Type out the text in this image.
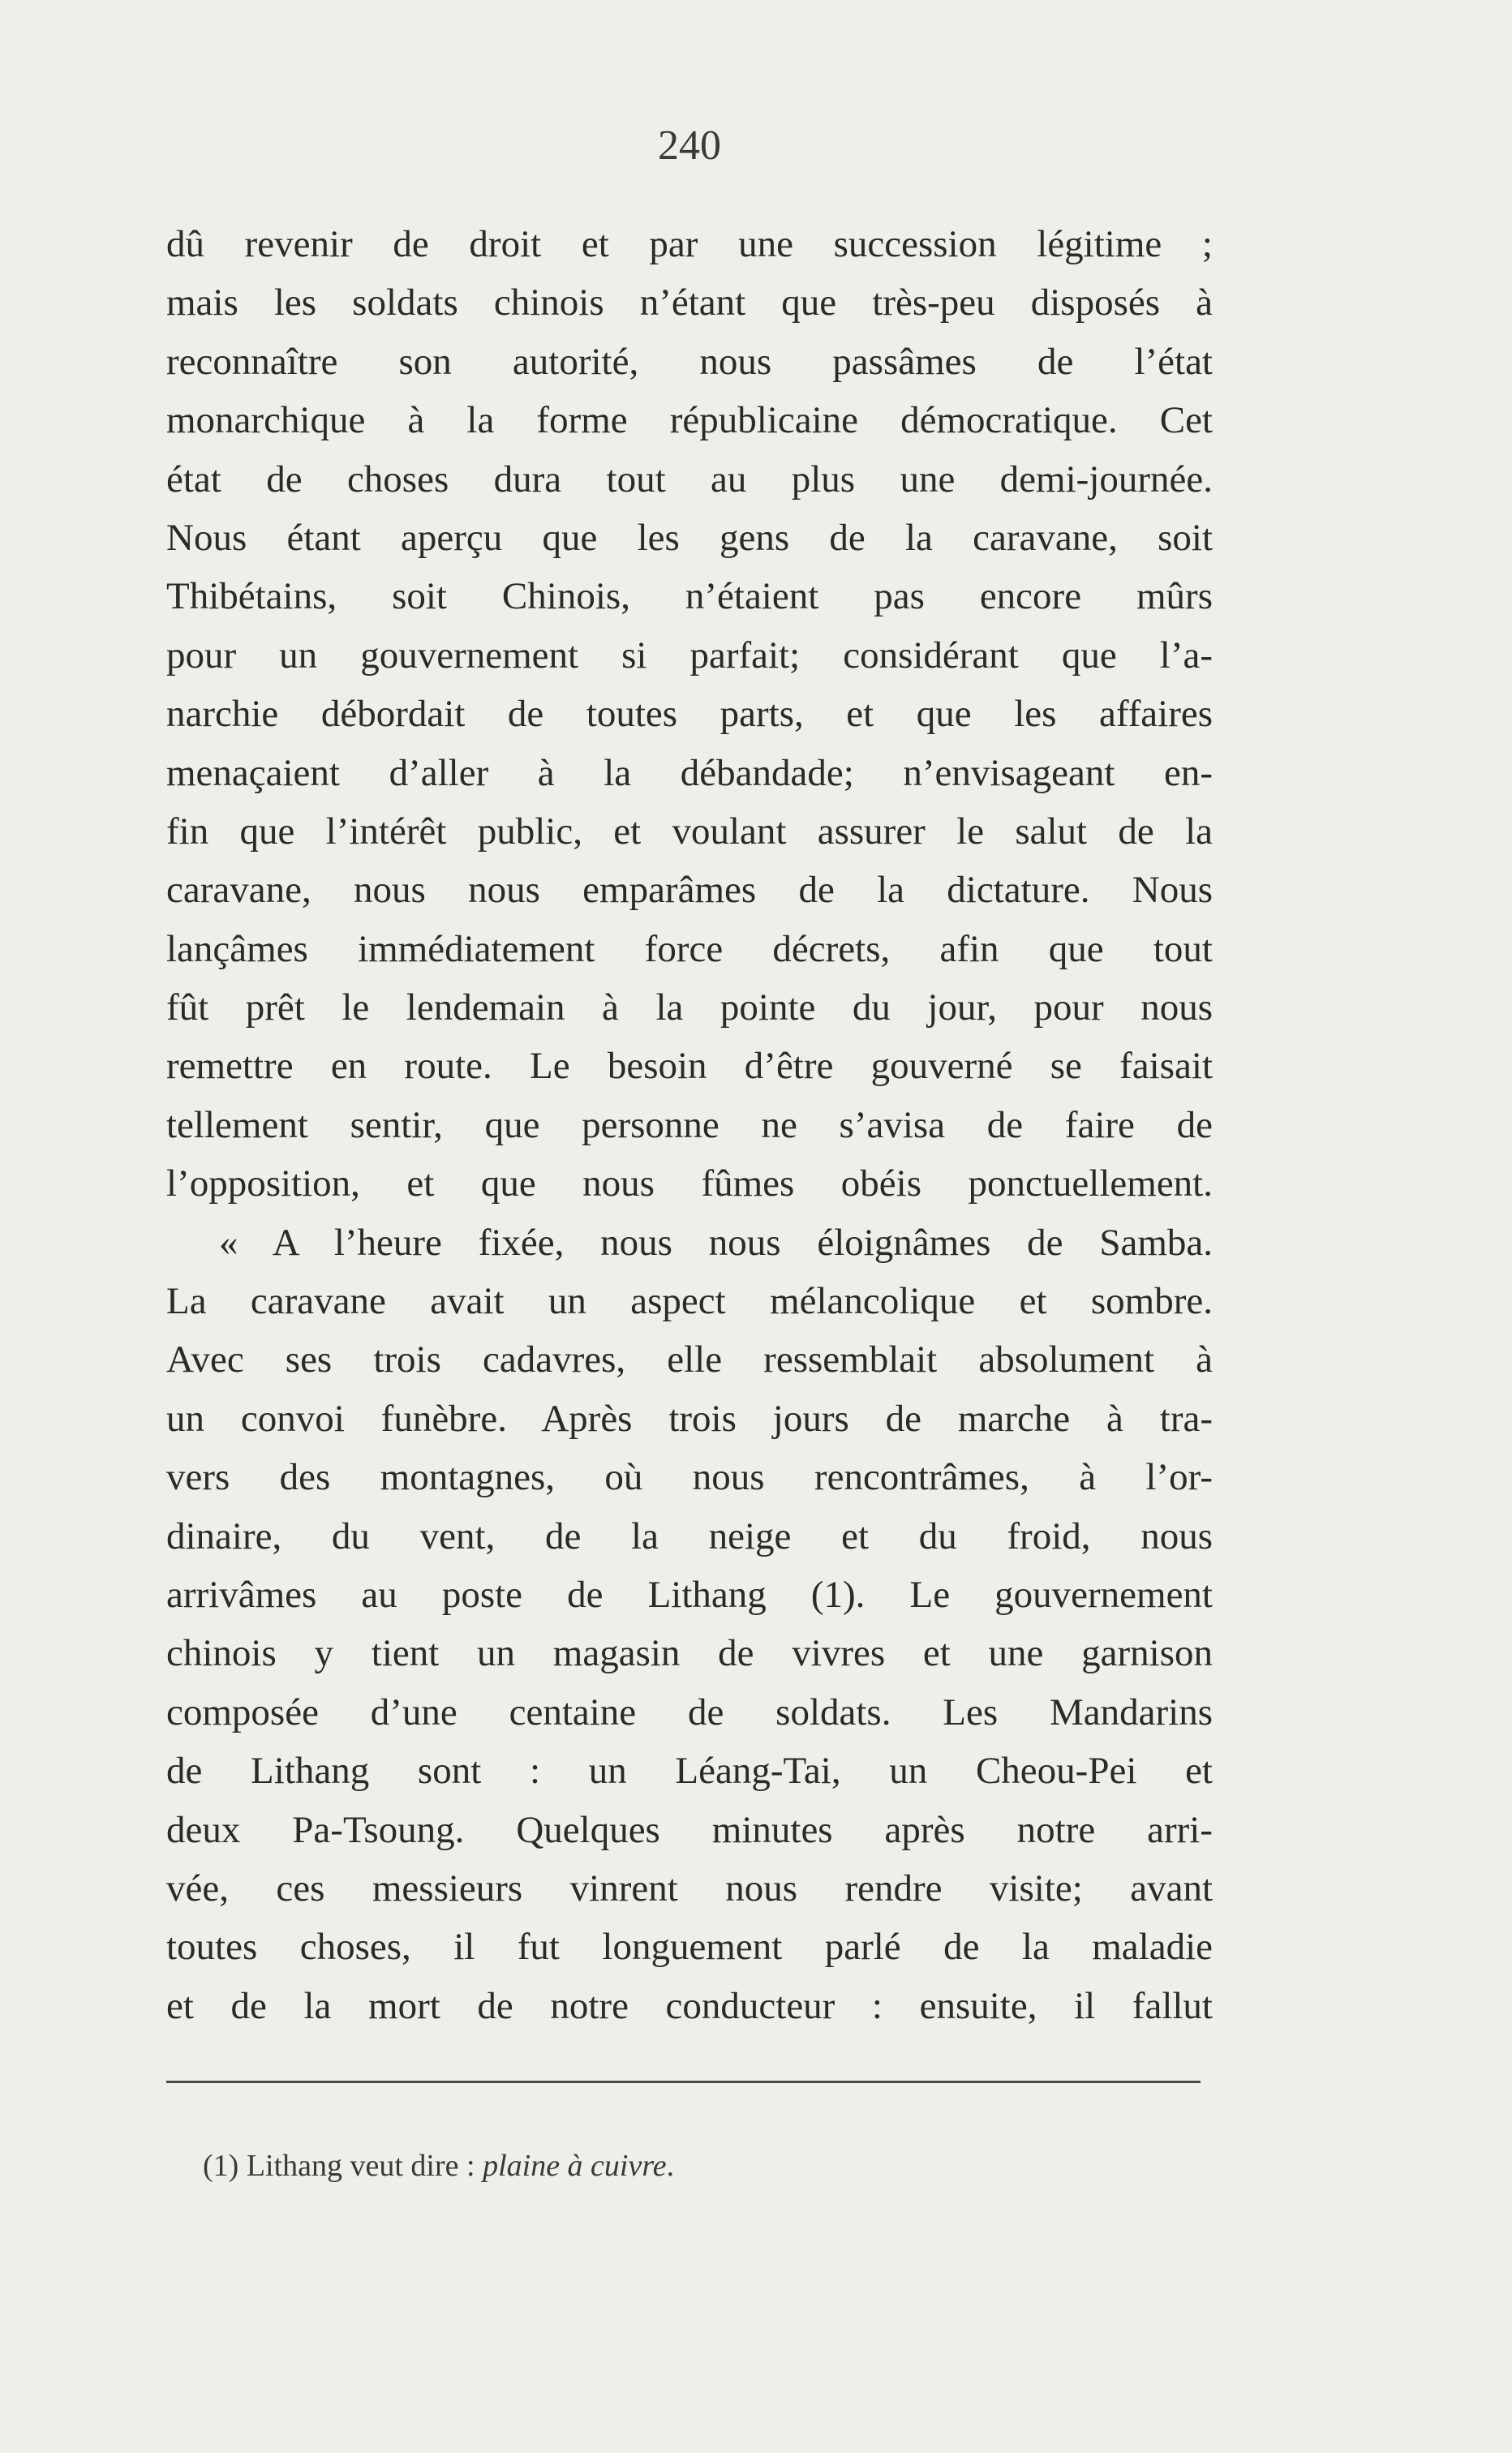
240
dû revenir de droit et par une succession légitime ;
mais les soldats chinois n’étant que très-peu disposés à
reconnaître son autorité, nous passâmes de l’état
monarchique à la forme républicaine démocratique. Cet
état de choses dura tout au plus une demi-journée.
Nous étant aperçu que les gens de la caravane, soit
Thibétains, soit Chinois, n’étaient pas encore mûrs
pour un gouvernement si parfait; considérant que l’a-
narchie débordait de toutes parts, et que les affaires
menaçaient d’aller à la débandade; n’envisageant en-
fin que l’intérêt public, et voulant assurer le salut de la
caravane, nous nous emparâmes de la dictature. Nous
lançâmes immédiatement force décrets, afin que tout
fût prêt le lendemain à la pointe du jour, pour nous
remettre en route. Le besoin d’être gouverné se faisait
tellement sentir, que personne ne s’avisa de faire de
l’opposition, et que nous fûmes obéis ponctuellement.
« A l’heure fixée, nous nous éloignâmes de Samba.
La caravane avait un aspect mélancolique et sombre.
Avec ses trois cadavres, elle ressemblait absolument à
un convoi funèbre. Après trois jours de marche à tra-
vers des montagnes, où nous rencontrâmes, à l’or-
dinaire, du vent, de la neige et du froid, nous
arrivâmes au poste de Lithang (1). Le gouvernement
chinois y tient un magasin de vivres et une garnison
composée d’une centaine de soldats. Les Mandarins
de Lithang sont : un Léang-Tai, un Cheou-Pei et
deux Pa-Tsoung. Quelques minutes après notre arri-
vée, ces messieurs vinrent nous rendre visite; avant
toutes choses, il fut longuement parlé de la maladie
et de la mort de notre conducteur : ensuite, il fallut
(1) Lithang veut dire : plaine à cuivre.
